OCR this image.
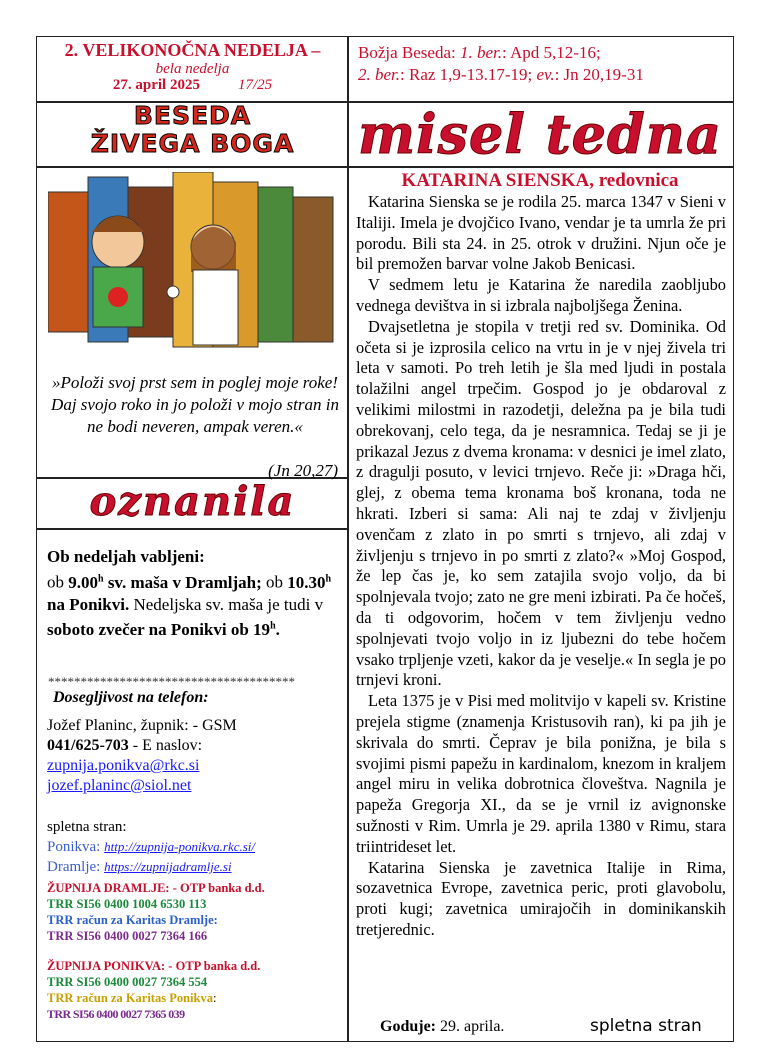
2. VELIKONOČNA NEDELJA –
bela nedelja
27. april 2025	17/25
Božja Beseda: 1. ber.: Apd 5,12-16;
2. ber.: Raz 1,9-13.17-19; ev.: Jn 20,19-31
BESEDA
ŽIVEGA BOGA	misel tedna
»Položi svoj prst sem in poglej moje roke! Daj svojo roko in jo položi v mojo stran in ne bodi neveren, ampak veren.«
(Jn 20,27)
oznanila
Ob nedeljah vabljeni:
ob 9.00$^h$ sv. maša v Dramljah; ob 10.30$^h$ na Ponikvi. Nedeljska sv. maša je tudi v soboto zvečer na Ponikvi ob 19$^h$.
**************************************
Dosegljivost na telefon:
Jožef Planinc, župnik: - GSM
041/625-703 - E naslov:
zupnija.ponikva@rkc.si
jozef.planinc@siol.net
spletna stran:
Ponikva: http://zupnija-ponikva.rkc.si/
Dramlje: https://zupnijadramlje.si
ŽUPNIJA DRAMLJE: - OTP banka d.d.
TRR SI56 0400 1004 6530 113
TRR račun za Karitas Dramlje:
TRR SI56 0400 0027 7364 166
ŽUPNIJA PONIKVA: - OTP banka d.d.
TRR SI56 0400 0027 7364 554
TRR račun za Karitas Ponikva:
TRR SI56 0400 0027 7365 039
KATARINA SIENSKA, redovnica

Katarina Sienska se je rodila 25. marca 1347 v Sieni v Italiji. Imela je dvojčico Ivano, vendar je ta umrla že pri porodu. Bili sta 24. in 25. otrok v družini. Njun oče je bil premožen barvar volne Jakob Benicasi.

V sedmem letu je Katarina že naredila zaobljubo vednega devištva in si izbrala najboljšega Ženina.

Dvajsetletna je stopila v tretji red sv. Dominika. Od očeta si je izprosila celico na vrtu in je v njej živela tri leta v samoti. Po treh letih je šla med ljudi in postala tolažilni angel trpečim. Gospod jo je obdaroval z velikimi milostmi in razodetji, deležna pa je bila tudi obrekovanj, celo tega, da je nesramnica. Tedaj se ji je prikazal Jezus z dvema kronama: v desnici je imel zlato, z dragulji posuto, v levici trnjevo. Reče ji: »Draga hči, glej, z obema tema kronama boš kronana, toda ne hkrati. Izberi si sama: Ali naj te zdaj v življenju ovenčam z zlato in po smrti s trnjevo, ali zdaj v življenju s trnjevo in po smrti z zlato?« »Moj Gospod, že lep čas je, ko sem zatajila svojo voljo, da bi spolnjevala tvojo; zato ne gre meni izbirati. Pa če hočeš, da ti odgovorim, hočem v tem življenju vedno spolnjevati tvojo voljo in iz ljubezni do tebe hočem vsako trpljenje vzeti, kakor da je veselje.« In segla je po trnjevi kroni.

Leta 1375 je v Pisi med molitvijo v kapeli sv. Kristine prejela stigme (znamenja Kristusovih ran), ki pa jih je skrivala do smrti. Čeprav je bila ponižna, je bila s svojimi pismi papežu in kardinalom, knezom in kraljem angel miru in velika dobrotnica človeštva. Nagnila je papeža Gregorja XI., da se je vrnil iz avignonske sužnosti v Rim. Umrla je 29. aprila 1380 v Rimu, stara triintrideset let.

Katarina Sienska je zavetnica Italije in Rima, sozavetnica Evrope, zavetnica peric, proti glavobolu, proti kugi; zavetnica umirajočih in dominikanskih tretjerednic.

Goduje: 29. aprila.	spletna stran
